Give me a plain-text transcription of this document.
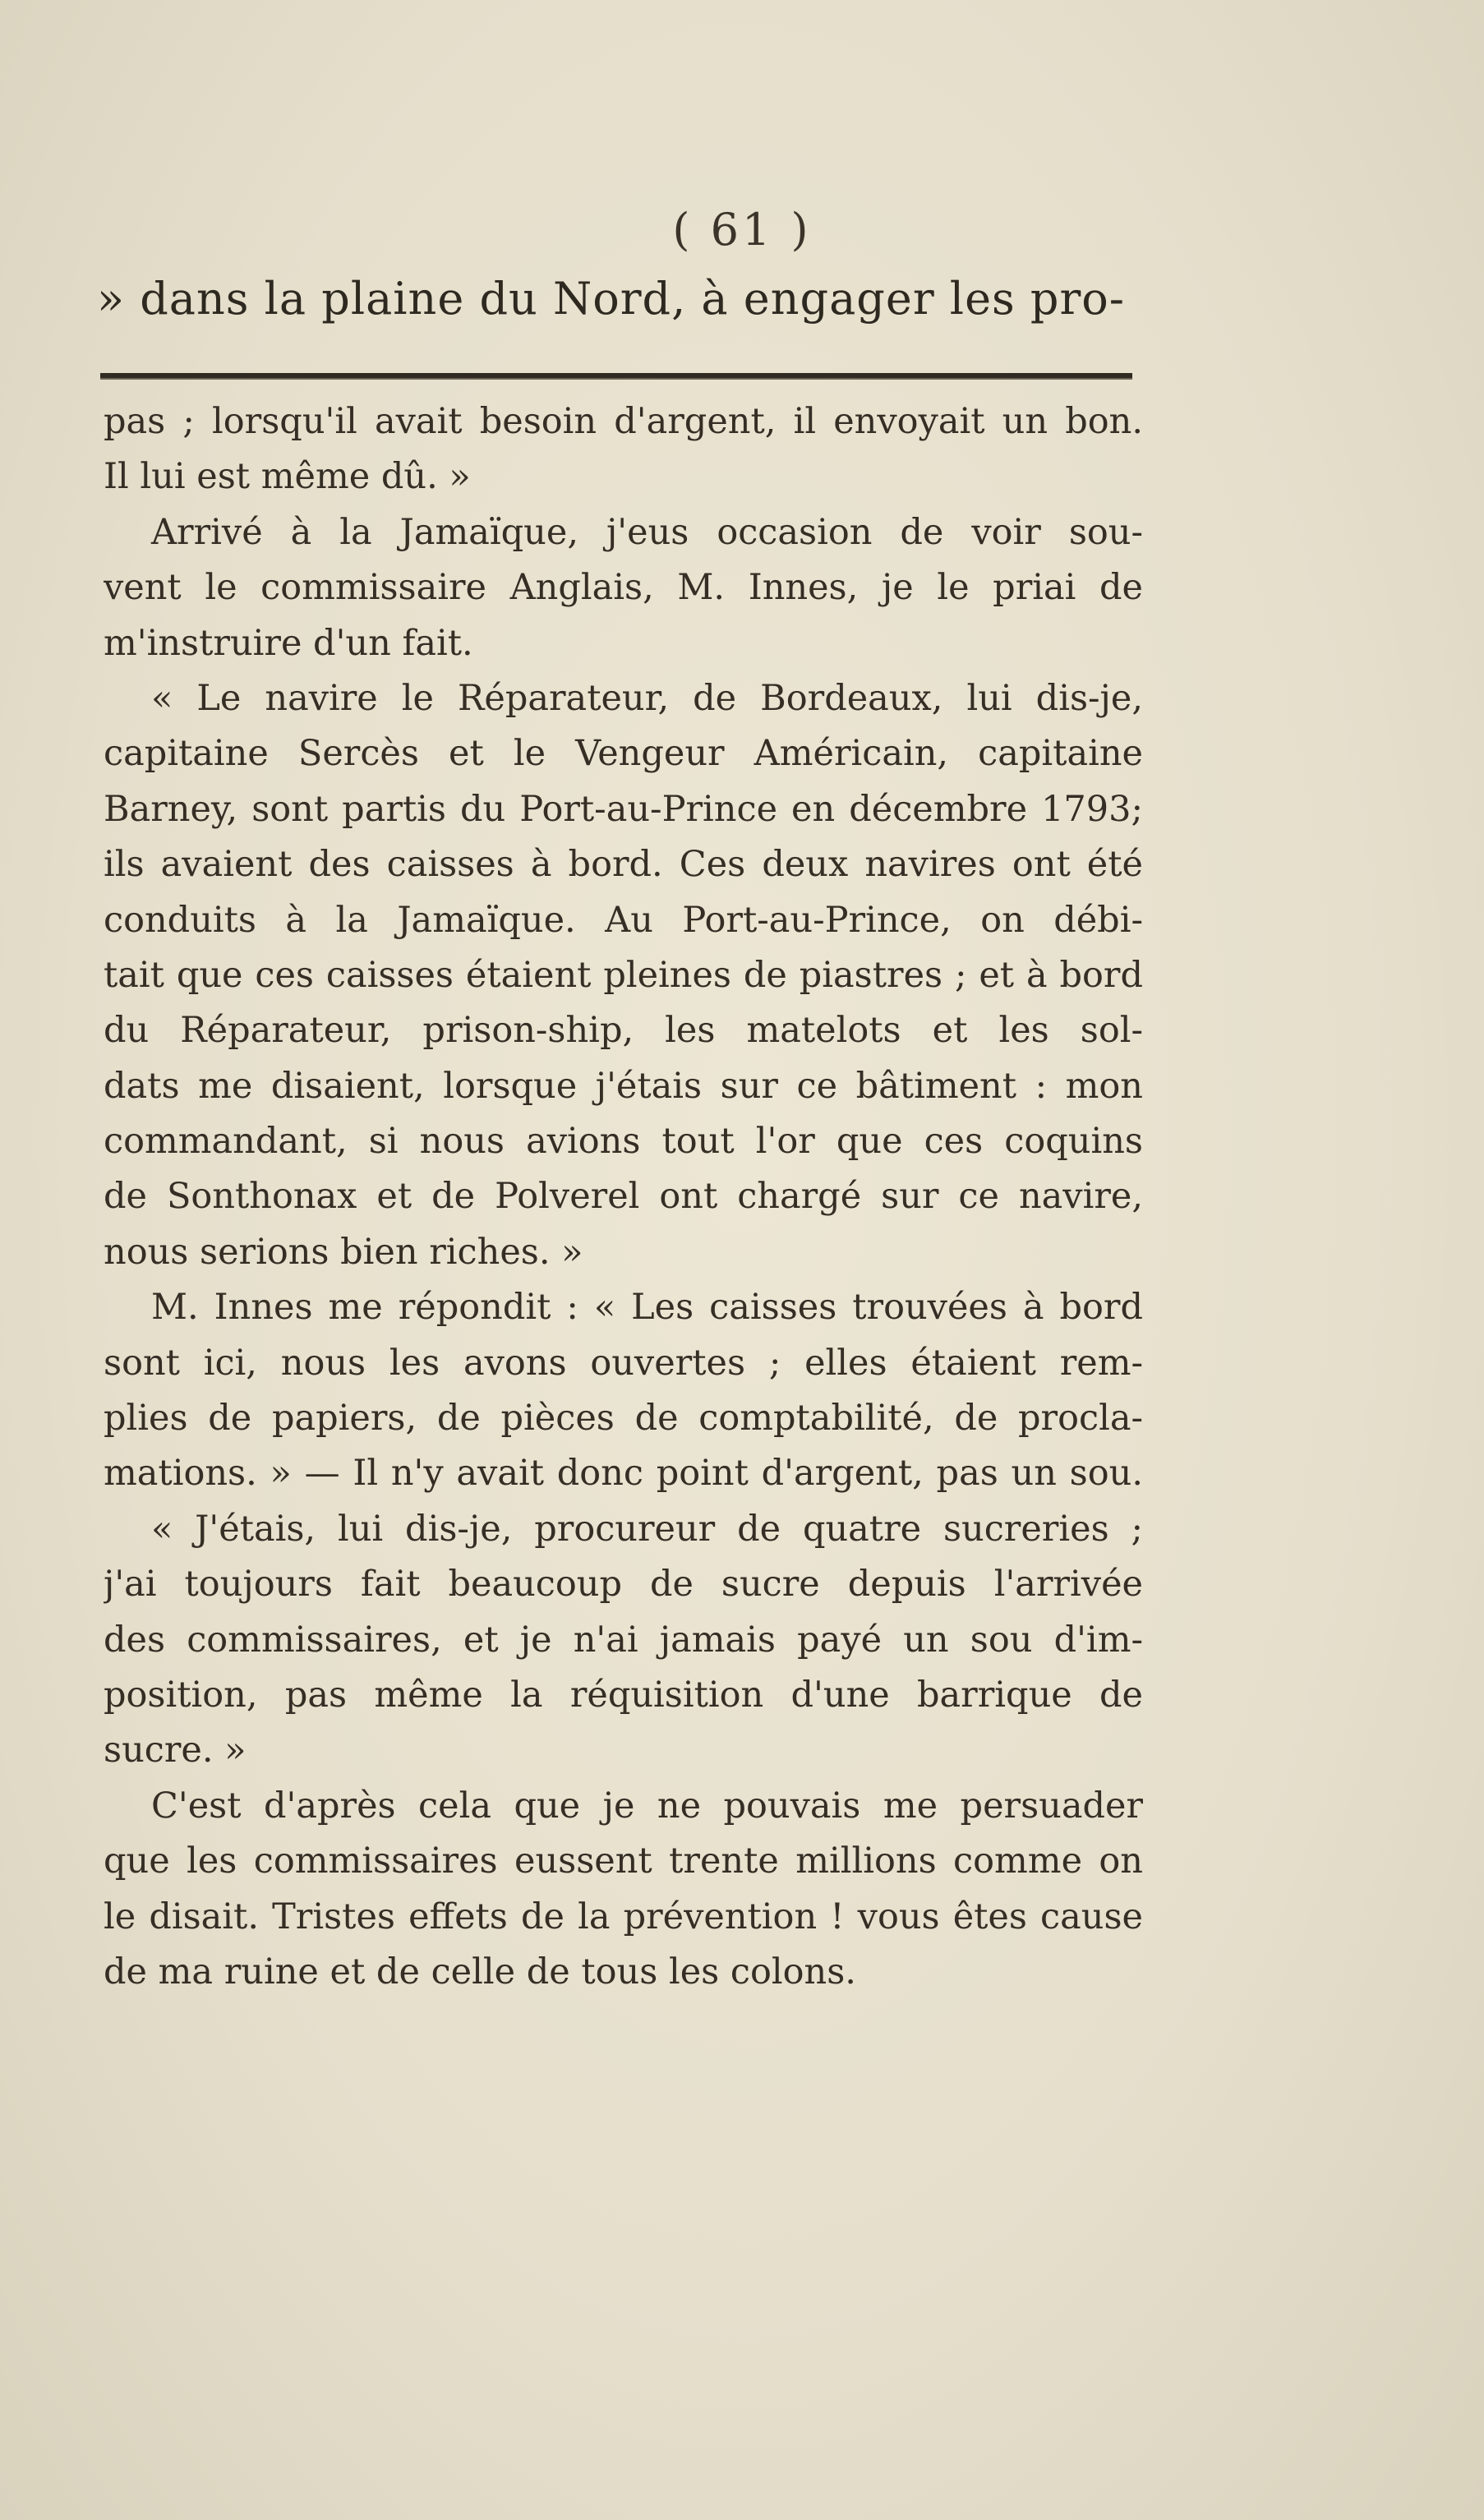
( 61 )
» dans la plaine du Nord, à engager les pro-
pas ; lorsqu'il avait besoin d'argent, il envoyait un bon.
Il lui est même dû. »
Arrivé à la Jamaïque, j'eus occasion de voir sou-
vent le commissaire Anglais, M. Innes, je le priai de
m'instruire d'un fait.
« Le navire le Réparateur, de Bordeaux, lui dis-je,
capitaine Sercès et le Vengeur Américain, capitaine
Barney, sont partis du Port-au-Prince en décembre 1793;
ils avaient des caisses à bord. Ces deux navires ont été
conduits à la Jamaïque. Au Port-au-Prince, on débi-
tait que ces caisses étaient pleines de piastres ; et à bord
du Réparateur, prison-ship, les matelots et les sol-
dats me disaient, lorsque j'étais sur ce bâtiment : mon
commandant, si nous avions tout l'or que ces coquins
de Sonthonax et de Polverel ont chargé sur ce navire,
nous serions bien riches. »
M. Innes me répondit : « Les caisses trouvées à bord
sont ici, nous les avons ouvertes ; elles étaient rem-
plies de papiers, de pièces de comptabilité, de procla-
mations. » — Il n'y avait donc point d'argent, pas un sou.
« J'étais, lui dis-je, procureur de quatre sucreries ;
j'ai toujours fait beaucoup de sucre depuis l'arrivée
des commissaires, et je n'ai jamais payé un sou d'im-
position, pas même la réquisition d'une barrique de
sucre. »
C'est d'après cela que je ne pouvais me persuader
que les commissaires eussent trente millions comme on
le disait. Tristes effets de la prévention ! vous êtes cause
de ma ruine et de celle de tous les colons.
